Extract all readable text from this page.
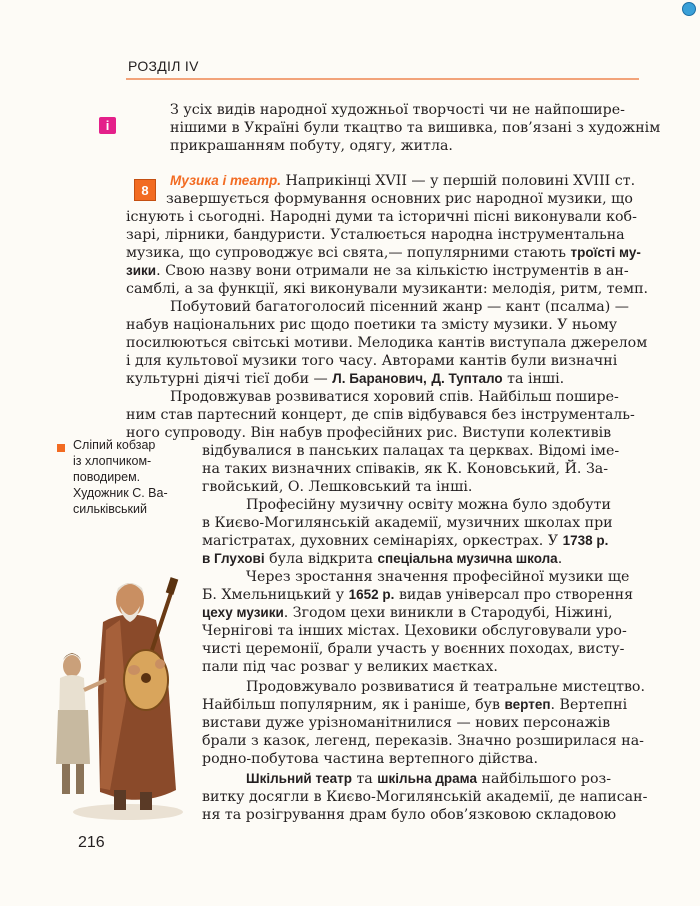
РОЗДІЛ IV
i
З усіх видів народної художньої творчості чи не найпошире-
нішими в Україні були ткацтво та вишивка, пов’язані з художнім
прикрашанням побуту, одягу, житла.
8
Музика і театр. Наприкінці XVII — у першій половині XVIII ст.
завершується формування основних рис народної музики, що
існують і сьогодні. Народні думи та історичні пісні виконували коб-
зарі, лірники, бандуристи. Усталюється народна інструментальна
музика, що супроводжує всі свята,— популярними стають троїсті му-
зики. Свою назву вони отримали не за кількістю інструментів в ан-
самблі, а за функції, які виконували музиканти: мелодія, ритм, темп.
Побутовий багатоголосий пісенний жанр — кант (псалма) —
набув національних рис щодо поетики та змісту музики. У ньому
посилюються світські мотиви. Мелодика кантів виступала джерелом
і для культової музики того часу. Авторами кантів були визначні
культурні діячі тієї доби — Л. Баранович, Д. Туптало та інші.
Продовжував розвиватися хоровий спів. Найбільш пошире-
ним став партесний концерт, де спів відбувався без інструменталь-
ного супроводу. Він набув професійних рис. Виступи колективів
відбувалися в панських палацах та церквах. Відомі іме-
на таких визначних співаків, як К. Коновський, Й. За-
гвойський, О. Лешковський та інші.
Професійну музичну освіту можна було здобути
в Києво-Могилянській академії, музичних школах при
магістратах, духовних семінаріях, оркестрах. У 1738 р.
в Глухові була відкрита спеціальна музична школа.
Через зростання значення професійної музики ще
Б. Хмельницький у 1652 р. видав універсал про створення
цеху музики. Згодом цехи виникли в Стародубі, Ніжині,
Чернігові та інших містах. Цеховики обслуговували уро-
чисті церемонії, брали участь у воєнних походах, висту-
пали під час розваг у великих маєтках.
Продовжувало розвиватися й театральне мистецтво.
Найбільш популярним, як і раніше, був вертеп. Вертепні
вистави дуже урізноманітнилися — нових персонажів
брали з казок, легенд, переказів. Значно розширилася на-
родно-побутова частина вертепного дійства.
Шкільний театр та шкільна драма найбільшого роз-
витку досягли в Києво-Могилянській академії, де написан-
ня та розігрування драм було обов’язковою складовою
Сліпий кобзар
із хлопчиком-
поводирем.
Художник С. Ва-
сильківський
216
